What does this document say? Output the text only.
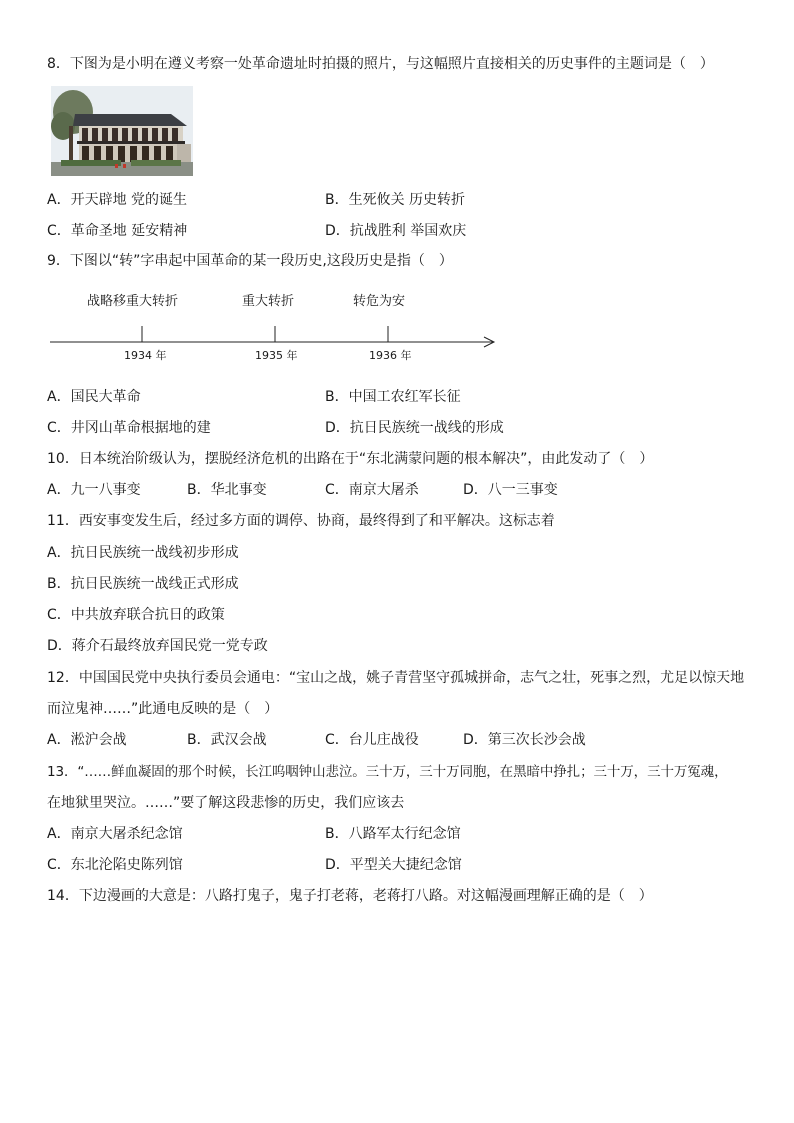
8．下图为是小明在遵义考察一处革命遗址时拍摄的照片，与这幅照片直接相关的历史事件的主题词是（　）
A．开天辟地 党的诞生	B．生死攸关 历史转折
C．革命圣地 延安精神	D．抗战胜利 举国欢庆
9．下图以“转”字串起中国革命的某一段历史,这段历史是指（　）
战略移重大转折	重大转折	转危为安
1934 年	1935 年	1936 年
A．国民大革命	B．中国工农红军长征
C．井冈山革命根据地的建	D．抗日民族统一战线的形成
10．日本统治阶级认为，摆脱经济危机的出路在于“东北满蒙问题的根本解决”，由此发动了（　）
A．九一八事变	B．华北事变	C．南京大屠杀	D．八一三事变
11．西安事变发生后，经过多方面的调停、协商，最终得到了和平解决。这标志着
A．抗日民族统一战线初步形成
B．抗日民族统一战线正式形成
C．中共放弃联合抗日的政策
D．蒋介石最终放弃国民党一党专政
12．中国国民党中央执行委员会通电：“宝山之战，姚子青营坚守孤城拼命，志气之壮，死事之烈，尤足以惊天地
而泣鬼神……”此通电反映的是（　）
A．淞沪会战	B．武汉会战	C．台儿庄战役	D．第三次长沙会战
13．“……鲜血凝固的那个时候，长江呜咽钟山悲泣。三十万，三十万同胞，在黑暗中挣扎；三十万，三十万冤魂，
在地狱里哭泣。……”要了解这段悲惨的历史，我们应该去
A．南京大屠杀纪念馆	B．八路军太行纪念馆
C．东北沦陷史陈列馆	D．平型关大捷纪念馆
14．下边漫画的大意是：八路打鬼子，鬼子打老蒋，老蒋打八路。对这幅漫画理解正确的是（　）
